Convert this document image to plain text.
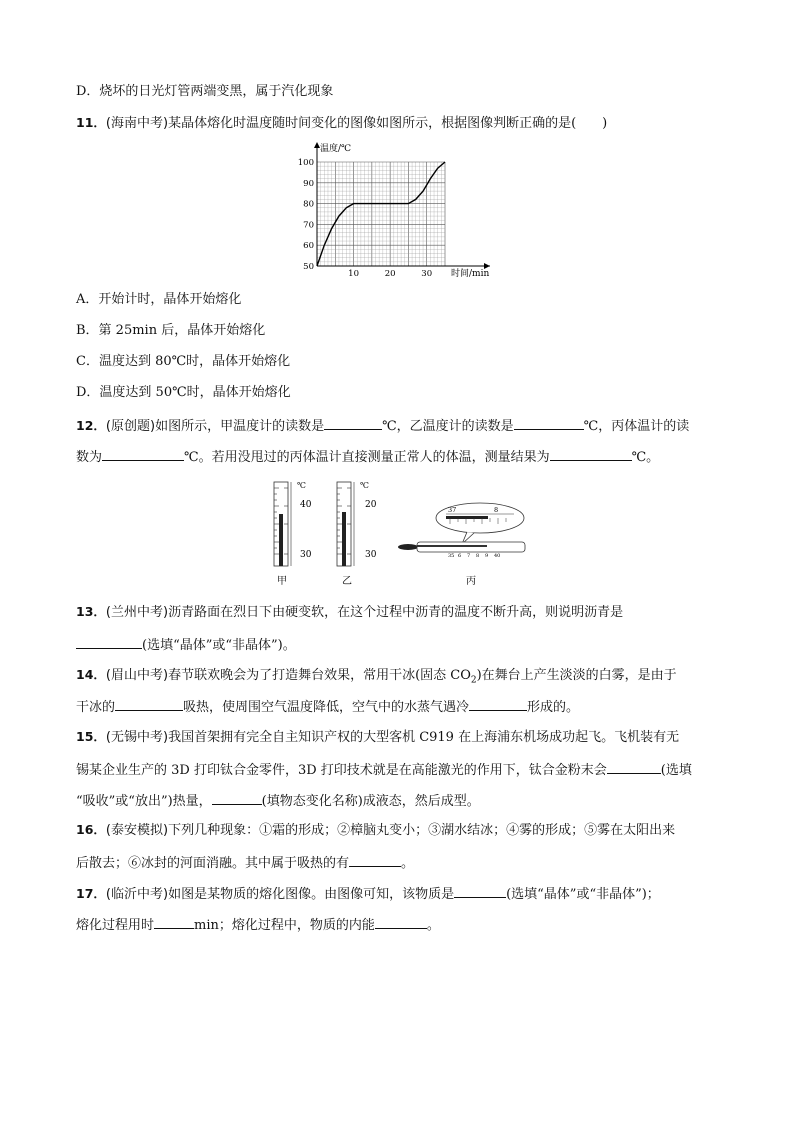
D．烧坏的日光灯管两端变黑，属于汽化现象
11．(海南中考)某晶体熔化时温度随时间变化的图像如图所示，根据图像判断正确的是(　　)
50
60
70
80
90
100
10	20	30
温度/℃
时间/min
A．开始计时，晶体开始熔化
B．第 25min 后，晶体开始熔化
C．温度达到 80℃时，晶体开始熔化
D．温度达到 50℃时，晶体开始熔化
12．(原创题)如图所示，甲温度计的读数是	℃，乙温度计的读数是	℃，丙体温计的读
数为	℃。若用没甩过的丙体温计直接测量正常人的体温，测量结果为	℃。
℃
40
30
甲
℃
20
30
乙
37	8
35 6 7 8 9 40
丙
13．(兰州中考)沥青路面在烈日下由硬变软，在这个过程中沥青的温度不断升高，则说明沥青是
(选填“晶体”或“非晶体”)。
14．(眉山中考)春节联欢晚会为了打造舞台效果，常用干冰(固态 $CO_2$)在舞台上产生淡淡的白雾，是由于
干冰的	吸热，使周围空气温度降低，空气中的水蒸气遇冷	形成的。
15．(无锡中考)我国首架拥有完全自主知识产权的大型客机 C919 在上海浦东机场成功起飞。飞机装有无
锡某企业生产的 3D 打印钛合金零件，3D 打印技术就是在高能激光的作用下，钛合金粉末会	(选填
“吸收”或“放出”)热量，	(填物态变化名称)成液态，然后成型。
16．(泰安模拟)下列几种现象：①霜的形成；②樟脑丸变小；③湖水结冰；④雾的形成；⑤雾在太阳出来
后散去；⑥冰封的河面消融。其中属于吸热的有	。
17．(临沂中考)如图是某物质的熔化图像。由图像可知，该物质是	(选填“晶体”或“非晶体”)；
熔化过程用时	min；熔化过程中，物质的内能	。
